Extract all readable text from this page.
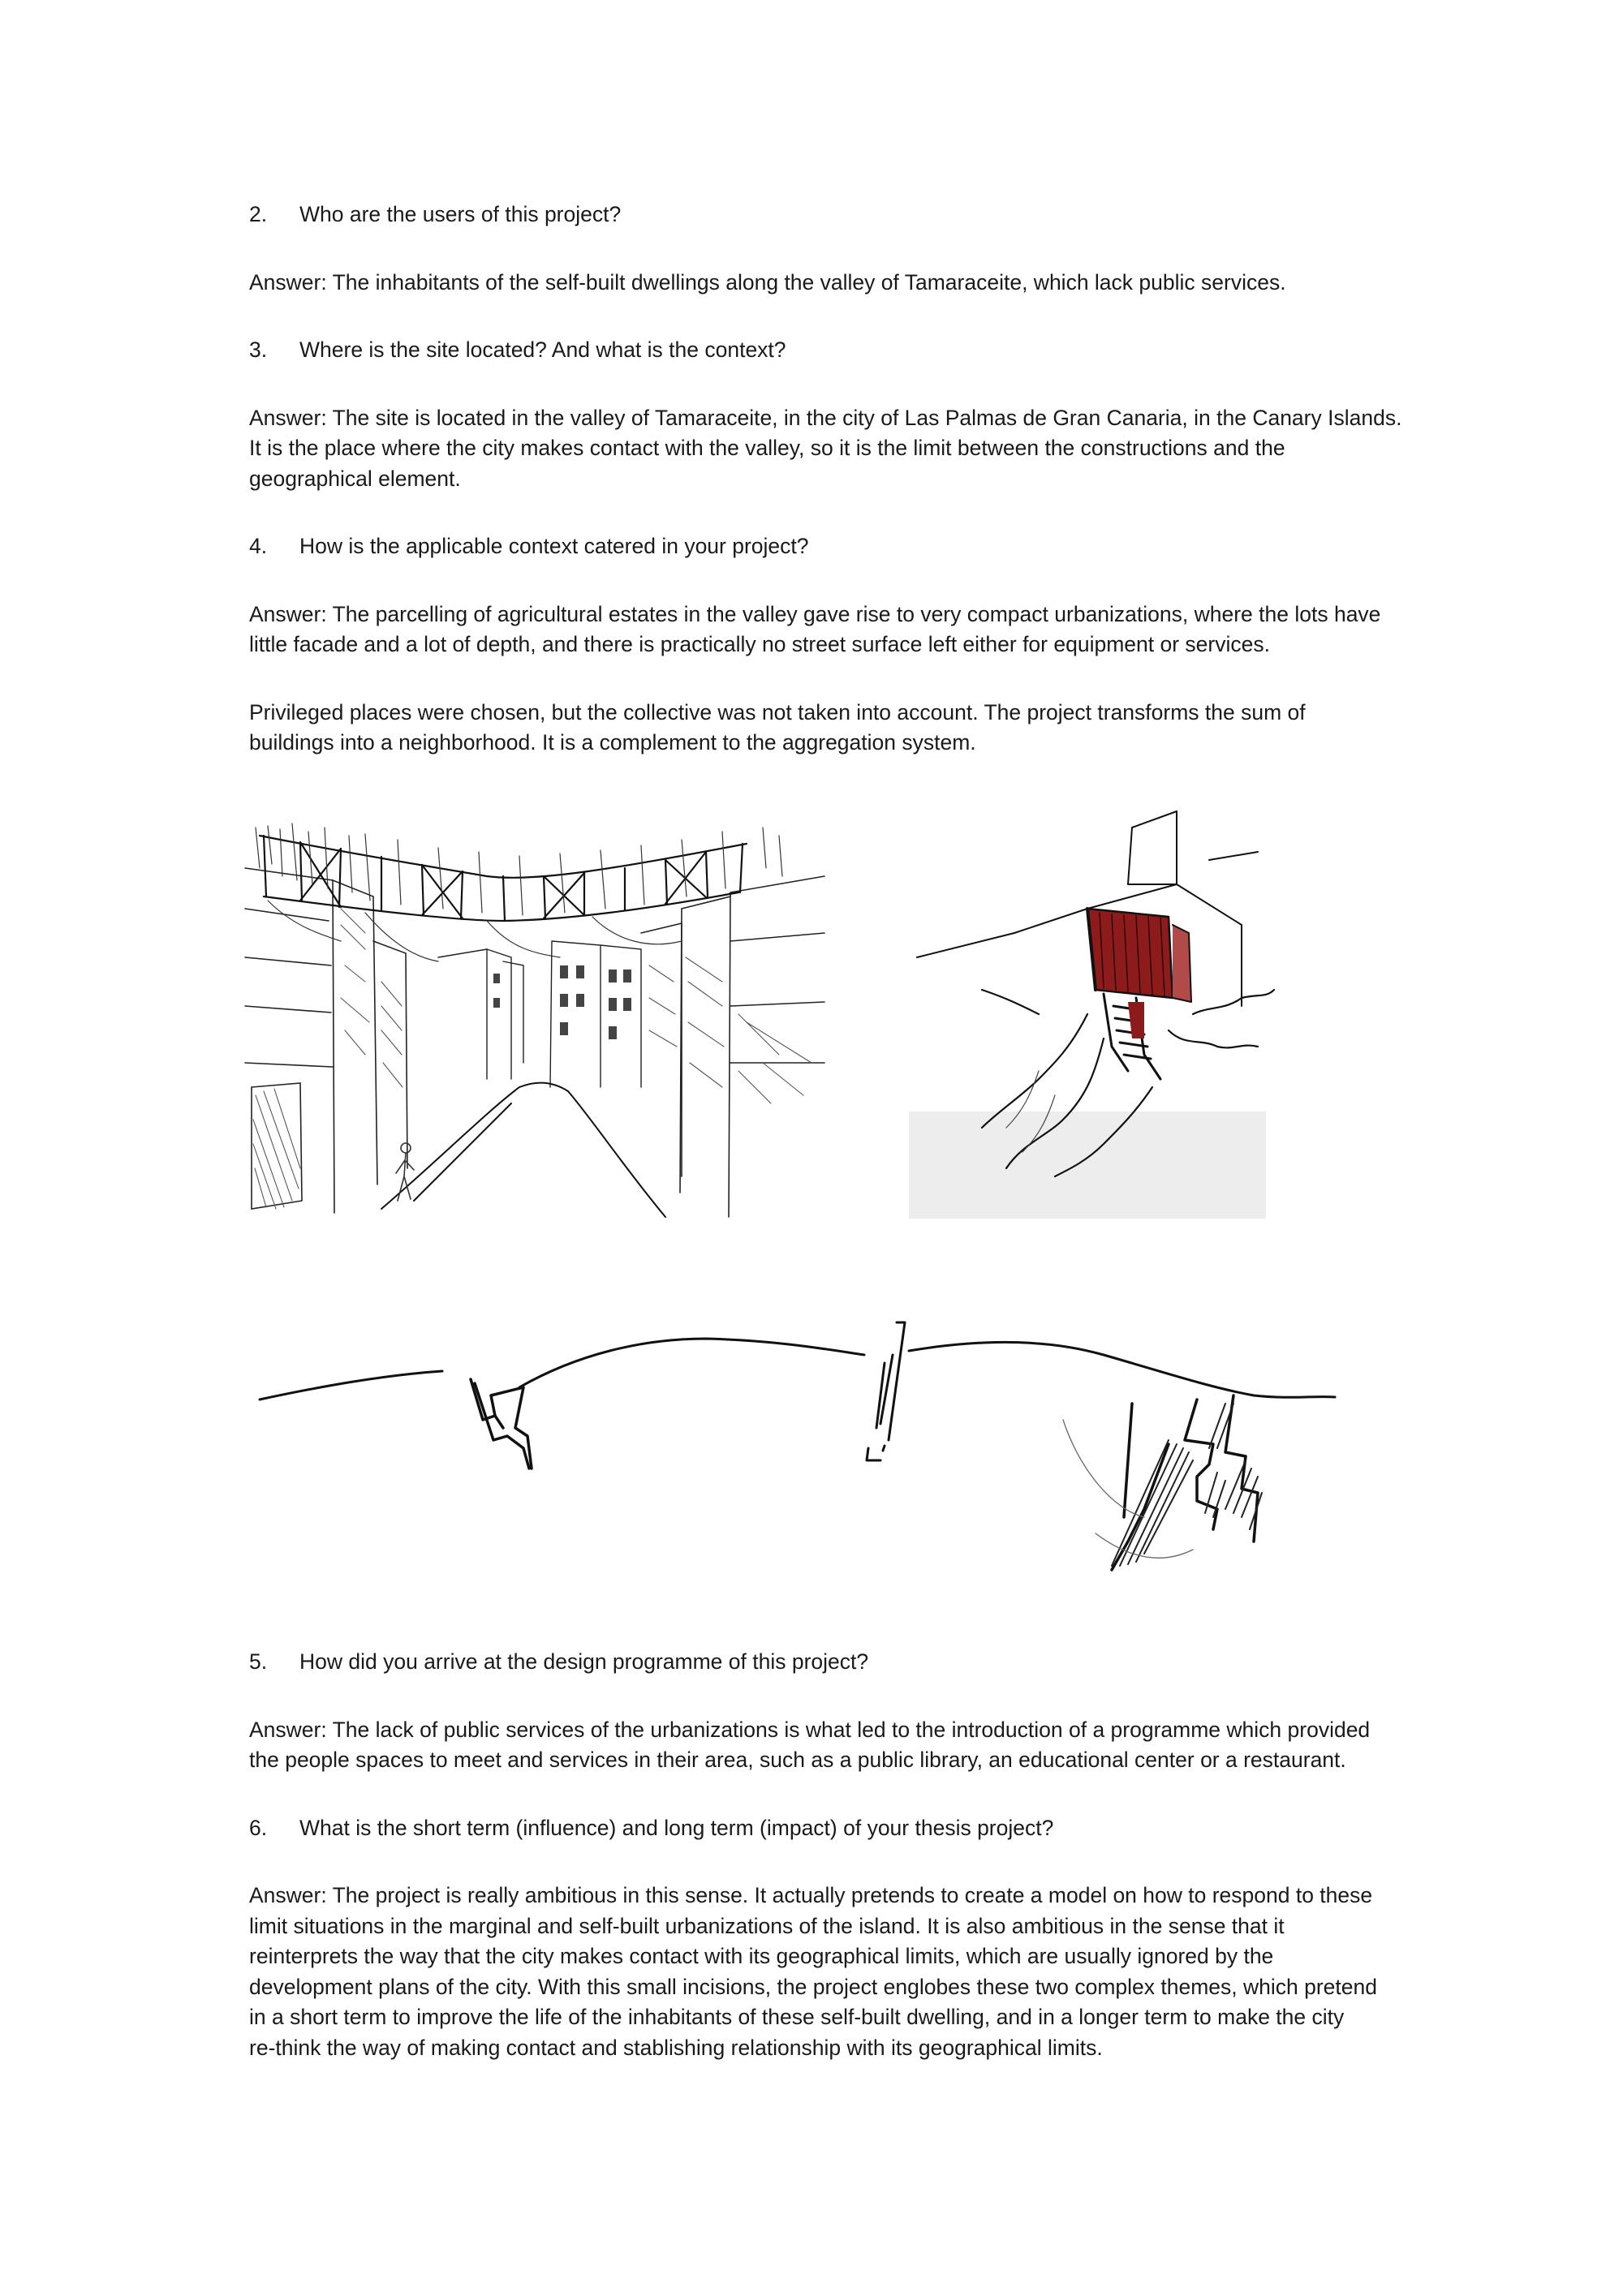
2.	Who are the users of this project?
Answer: The inhabitants of the self-built dwellings along the valley of Tamaraceite, which lack public services.
3.	Where is the site located? And what is the context?
Answer: The site is located in the valley of Tamaraceite, in the city of Las Palmas de Gran Canaria, in the Canary Islands.
It is the place where the city makes contact with the valley, so it is the limit between the constructions and the
geographical element.
4.	How is the applicable context catered in your project?
Answer: The parcelling of agricultural estates in the valley gave rise to very compact urbanizations, where the lots have
little facade and a lot of depth, and there is practically no street surface left either for equipment or services.
Privileged places were chosen, but the collective was not taken into account. The project transforms the sum of
buildings into a neighborhood. It is a complement to the aggregation system.
5.	How did you arrive at the design programme of this project?
Answer: The lack of public services of the urbanizations is what led to the introduction of a programme which provided
the people spaces to meet and services in their area, such as a public library, an educational center or a restaurant.
6.	What is the short term (influence) and long term (impact) of your thesis project?
Answer: The project is really ambitious in this sense. It actually pretends to create a model on how to respond to these
limit situations in the marginal and self-built urbanizations of the island. It is also ambitious in the sense that it
reinterprets the way that the city makes contact with its geographical limits, which are usually ignored by the
development plans of the city. With this small incisions, the project englobes these two complex themes, which pretend
in a short term to improve the life of the inhabitants of these self-built dwelling, and in a longer term to make the city
re-think the way of making contact and stablishing relationship with its geographical limits.
